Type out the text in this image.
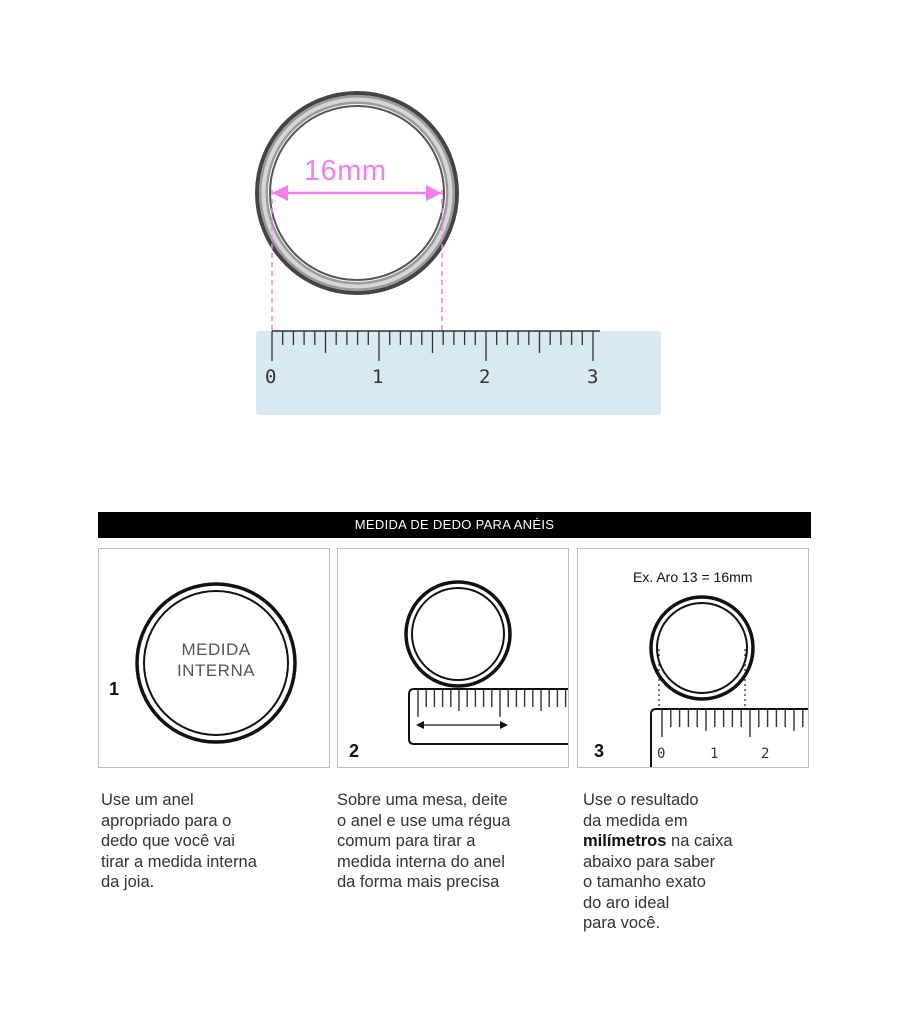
16mm
0	1	2	3
MEDIDA DE DEDO PARA ANÉIS
MEDIDA
INTERNA
1
2
Ex. Aro 13 = 16mm
0	1	2
3

Use um anel

apropriado para o

dedo que você vai

tirar a medida interna

da joia.

Sobre uma mesa, deite

o anel e use uma régua

comum para tirar a

medida interna do anel

da forma mais precisa

Use o resultado

da medida em

milímetros na caixa

abaixo para saber

o tamanho exato

do aro ideal

para você.
